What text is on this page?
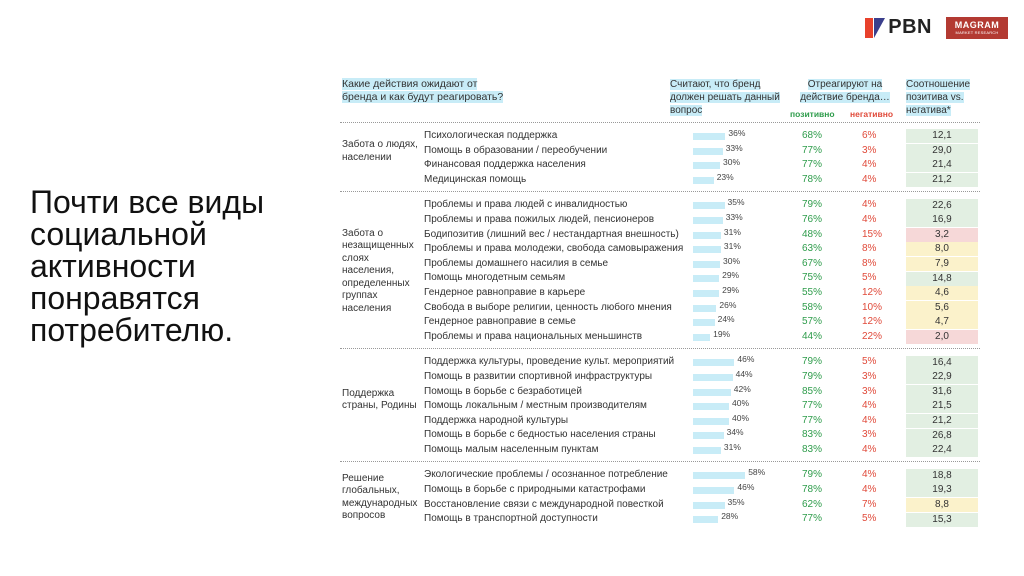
PBN	MAGRAM
MARKET RESEARCH
Почти все виды социальной активности понравятся потребителю.
Какие действия ожидают от бренда и как будут реагировать?
Считают, что бренд должен решать данный вопрос
Отреагируют на действие бренда…
позитивно негативно
Соотношение позитива vs. негатива*
Забота о людях, населении
Психологическая поддержка	36%	68%	6%	12,1
Помощь в образовании / переобучении	33%	77%	3%	29,0
Финансовая поддержка населения	30%	77%	4%	21,4
Медицинская помощь	23%	78%	4%	21,2
Забота о незащищенных слоях населения, определенных группах населения
Проблемы и права людей с инвалидностью	35%	79%	4%	22,6
Проблемы и права пожилых людей, пенсионеров	33%	76%	4%	16,9
Бодипозитив (лишний вес / нестандартная внешность)	31%	48%	15%	3,2
Проблемы и права молодежи, свобода самовыражения	31%	63%	8%	8,0
Проблемы домашнего насилия в семье	30%	67%	8%	7,9
Помощь многодетным семьям	29%	75%	5%	14,8
Гендерное равноправие в карьере	29%	55%	12%	4,6
Свобода в выборе религии, ценность любого мнения	26%	58%	10%	5,6
Гендерное равноправие в семье	24%	57%	12%	4,7
Проблемы и права национальных меньшинств	19%	44%	22%	2,0
Поддержка страны, Родины
Поддержка культуры, проведение культ. мероприятий	46%	79%	5%	16,4
Помощь в развитии спортивной инфраструктуры	44%	79%	3%	22,9
Помощь в борьбе с безработицей	42%	85%	3%	31,6
Помощь локальным / местным производителям	40%	77%	4%	21,5
Поддержка народной культуры	40%	77%	4%	21,2
Помощь в борьбе с бедностью населения страны	34%	83%	3%	26,8
Помощь малым населенным пунктам	31%	83%	4%	22,4
Решение глобальных, международных вопросов
Экологические проблемы / осознанное потребление	58%	79%	4%	18,8
Помощь в борьбе с природными катастрофами	46%	78%	4%	19,3
Восстановление связи с международной повесткой	35%	62%	7%	8,8
Помощь в транспортной доступности	28%	77%	5%	15,3
